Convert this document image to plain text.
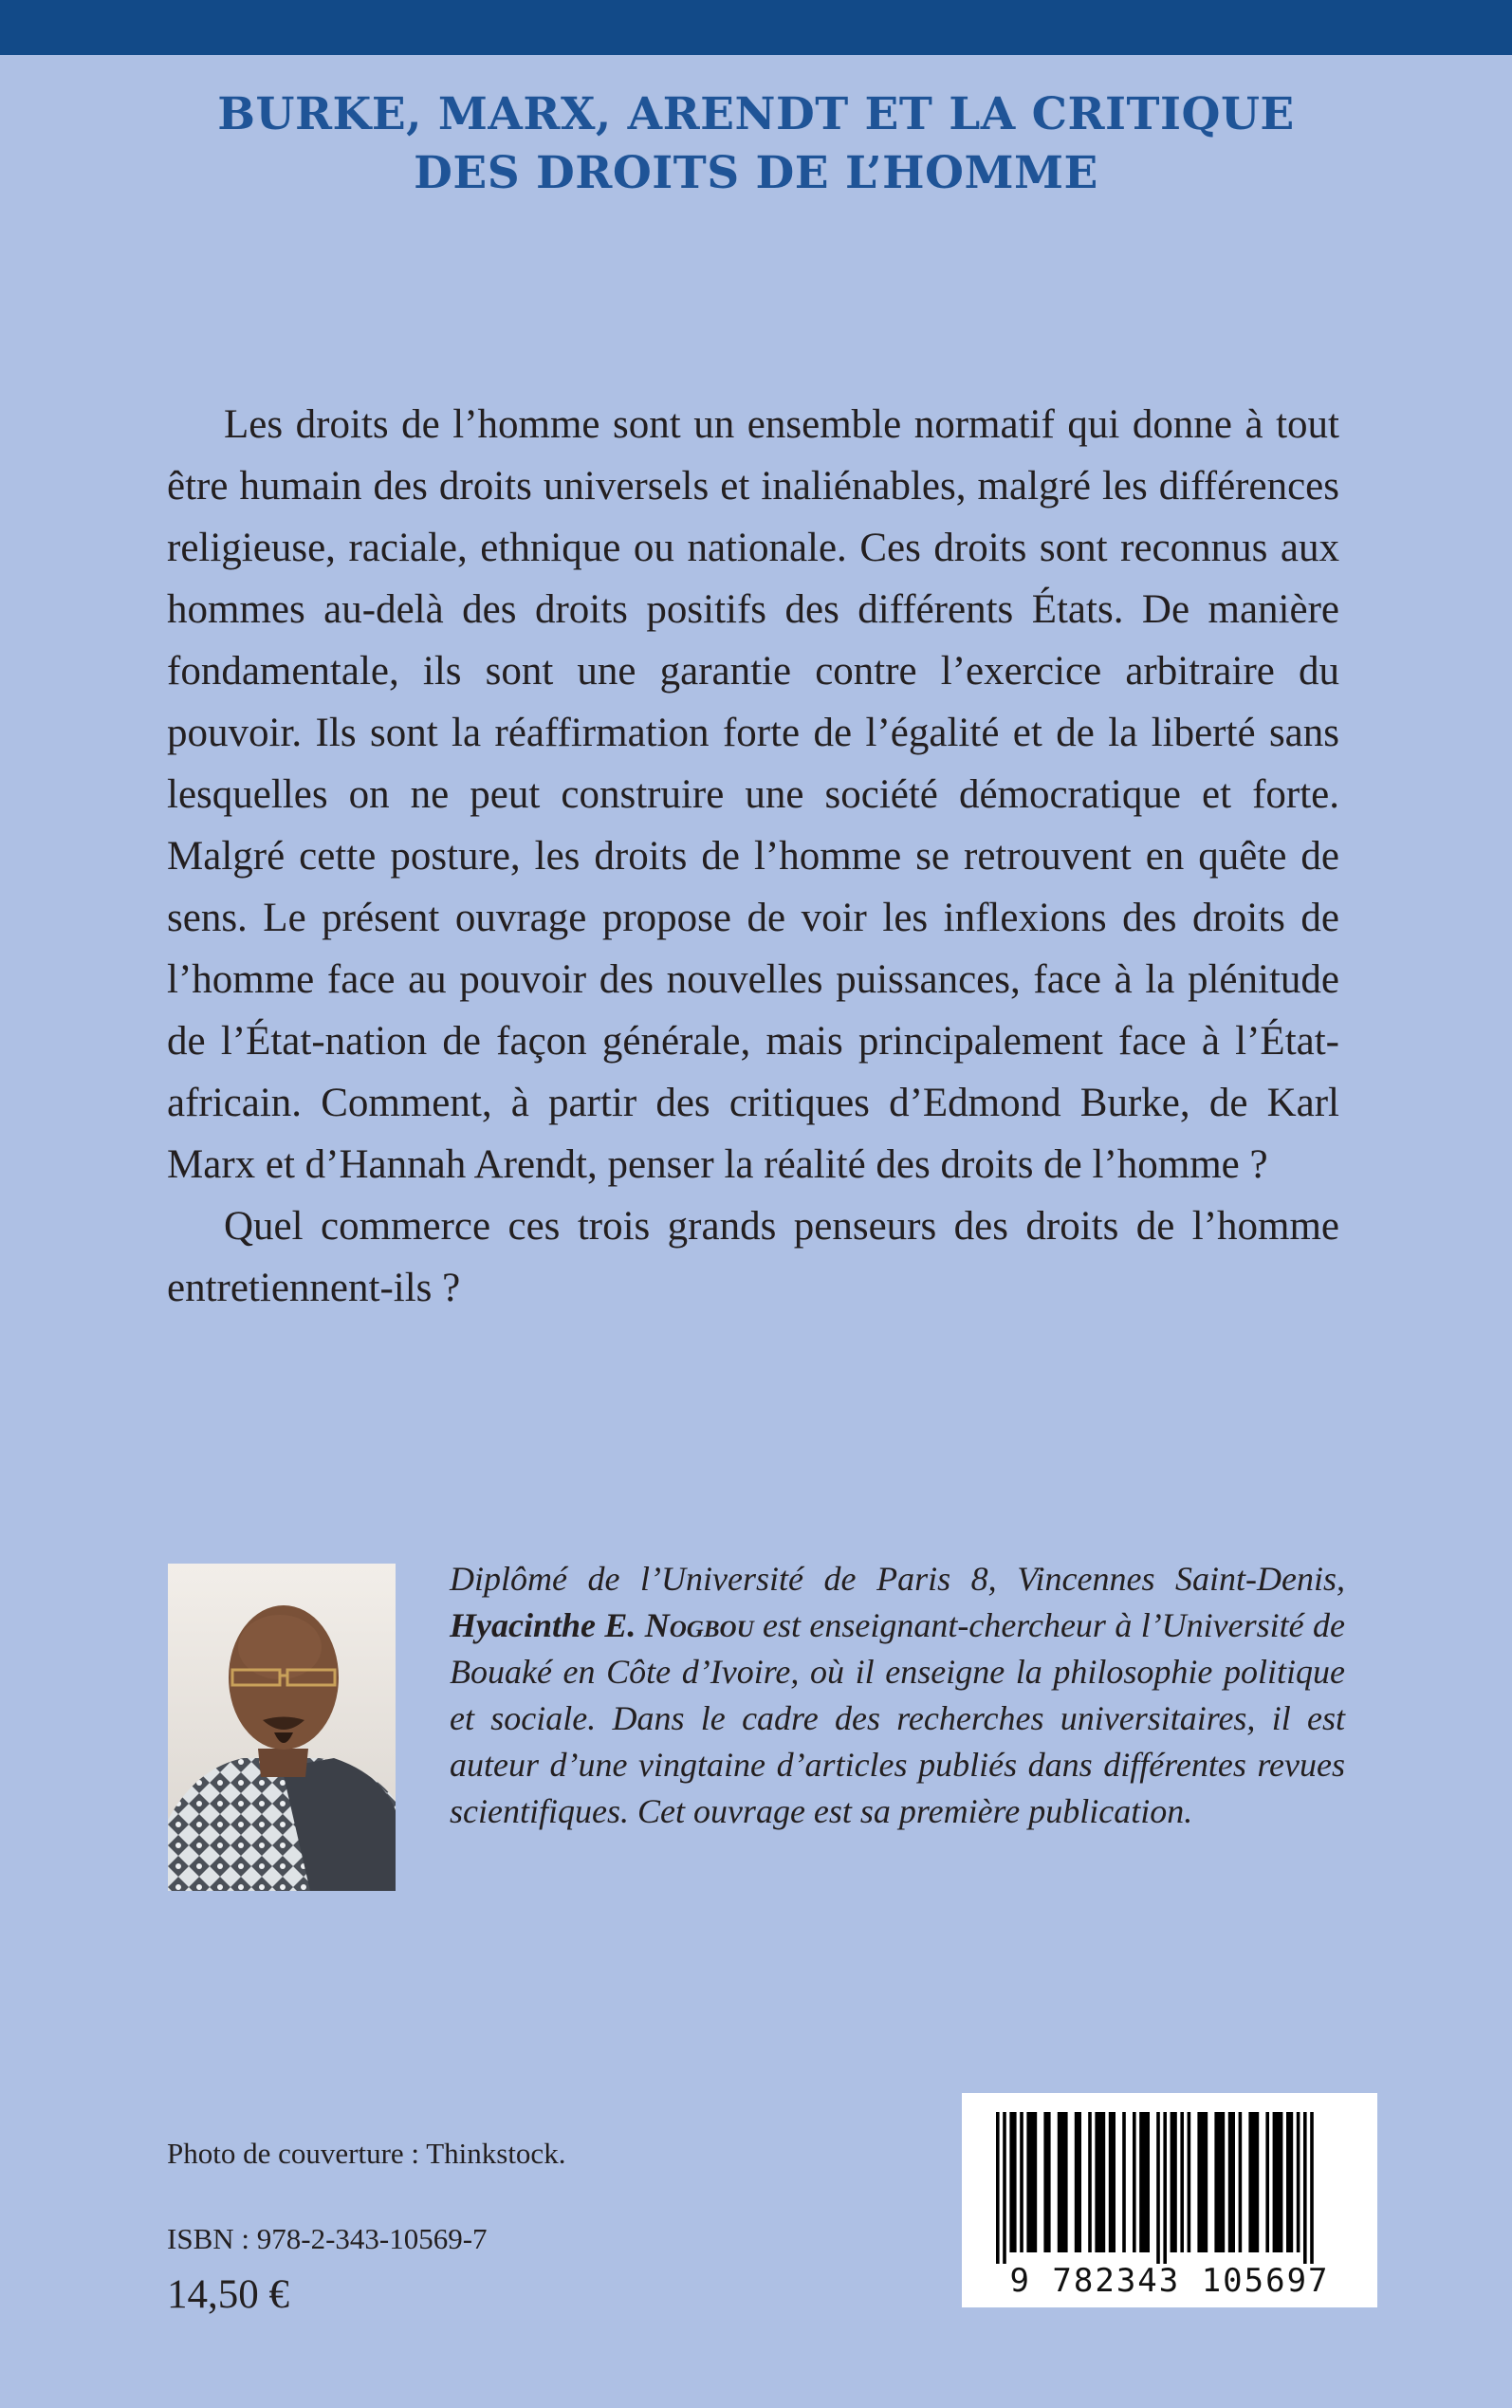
BURKE, MARX, ARENDT ET LA CRITIQUE
DES DROITS DE L’HOMME

Les droits de l’homme sont un ensemble normatif qui donne à tout être humain des droits universels et inaliénables, malgré les différences religieuse, raciale, ethnique ou nationale. Ces droits sont reconnus aux hommes au-delà des droits positifs des différents États. De manière fondamentale, ils sont une garantie contre l’exercice arbitraire du pouvoir. Ils sont la réaffirmation forte de l’égalité et de la liberté sans lesquelles on ne peut construire une société démocratique et forte. Malgré cette posture, les droits de l’homme se retrouvent en quête de sens. Le présent ouvrage propose de voir les inflexions des droits de l’homme face au pouvoir des nouvelles puissances, face à la plénitude de l’État-nation de façon générale, mais principalement face à l’État-africain. Comment, à partir des critiques d’Edmond Burke, de Karl Marx et d’Hannah Arendt, penser la réalité des droits de l’homme ?

Quel commerce ces trois grands penseurs des droits de l’homme entretiennent-ils ?

Diplômé de l’Université de Paris 8, Vincennes Saint-Denis, Hyacinthe E. Nogbou est enseignant-chercheur à l’Université de Bouaké en Côte d’Ivoire, où il enseigne la philosophie politique et sociale. Dans le cadre des recherches universitaires, il est auteur d’une vingtaine d’articles publiés dans différentes revues scientifiques. Cet ouvrage est sa première publication.
Photo de couverture : Thinkstock.
ISBN : 978-2-343-10569-7
14,50 €	9 782343 105697
